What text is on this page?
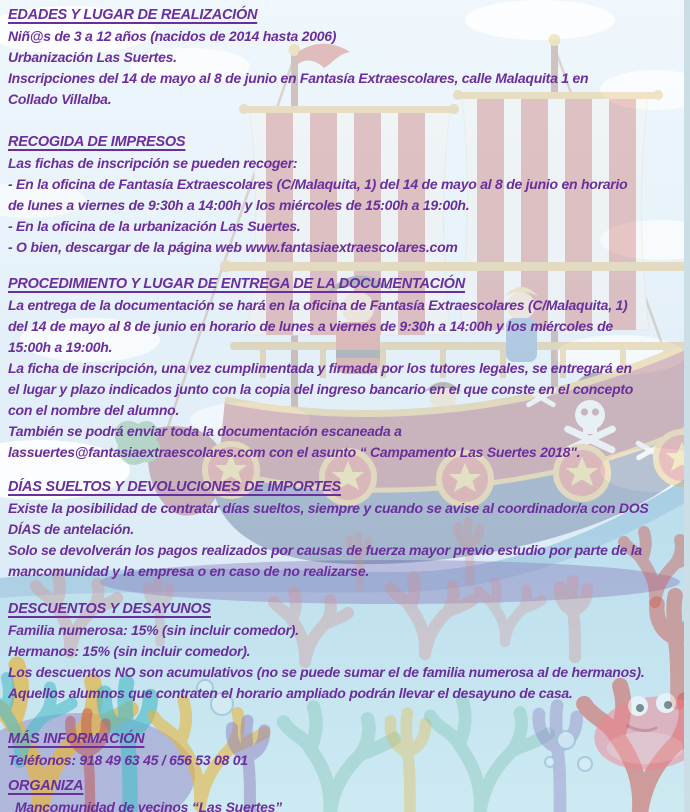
EDADES Y LUGAR DE REALIZACIÓN

Niñ@s de 3 a 12 años (nacidos de 2014 hasta 2006)

Urbanización Las Suertes.

Inscripciones del 14 de mayo al 8 de junio en Fantasía Extraescolares, calle Malaquita 1 en

Collado Villalba.

RECOGIDA DE IMPRESOS

Las fichas de inscripción se pueden recoger:

- En la oficina de Fantasía Extraescolares (C/Malaquita, 1) del 14 de mayo al 8 de junio en horario

de lunes a viernes de 9:30h a 14:00h y los miércoles de 15:00h a 19:00h.

- En la oficina de la urbanización Las Suertes.

- O bien, descargar de la página web www.fantasiaextraescolares.com

PROCEDIMIENTO Y LUGAR DE ENTREGA DE LA DOCUMENTACIÓN

La entrega de la documentación se hará en la oficina de Fantasía Extraescolares (C/Malaquita, 1)

del 14 de mayo al 8 de junio en horario de lunes a viernes de 9:30h a 14:00h y los miércoles de

15:00h a 19:00h.

La ficha de inscripción, una vez cumplimentada y firmada por los tutores legales, se entregará en

el lugar y plazo indicados junto con la copia del ingreso bancario en el que conste en el concepto

con el nombre del alumno.

También se podrá enviar toda la documentación escaneada a

lassuertes@fantasiaextraescolares.com con el asunto “ Campamento Las Suertes 2018".

DÍAS SUELTOS Y DEVOLUCIONES DE IMPORTES

Existe la posibilidad de contratar días sueltos, siempre y cuando se avise al coordinador/a con DOS

DÍAS de antelación.

Solo se devolverán los pagos realizados por causas de fuerza mayor previo estudio por parte de la

mancomunidad y la empresa o en caso de no realizarse.

DESCUENTOS Y DESAYUNOS

Familia numerosa: 15% (sin incluir comedor).

Hermanos: 15% (sin incluir comedor).

Los descuentos NO son acumulativos (no se puede sumar el de familia numerosa al de hermanos).

Aquellos alumnos que contraten el horario ampliado podrán llevar el desayuno de casa.

MÁS INFORMACIÓN

Teléfonos: 918 49 63 45 / 656 53 08 01

ORGANIZA

Mancomunidad de vecinos “Las Suertes”
